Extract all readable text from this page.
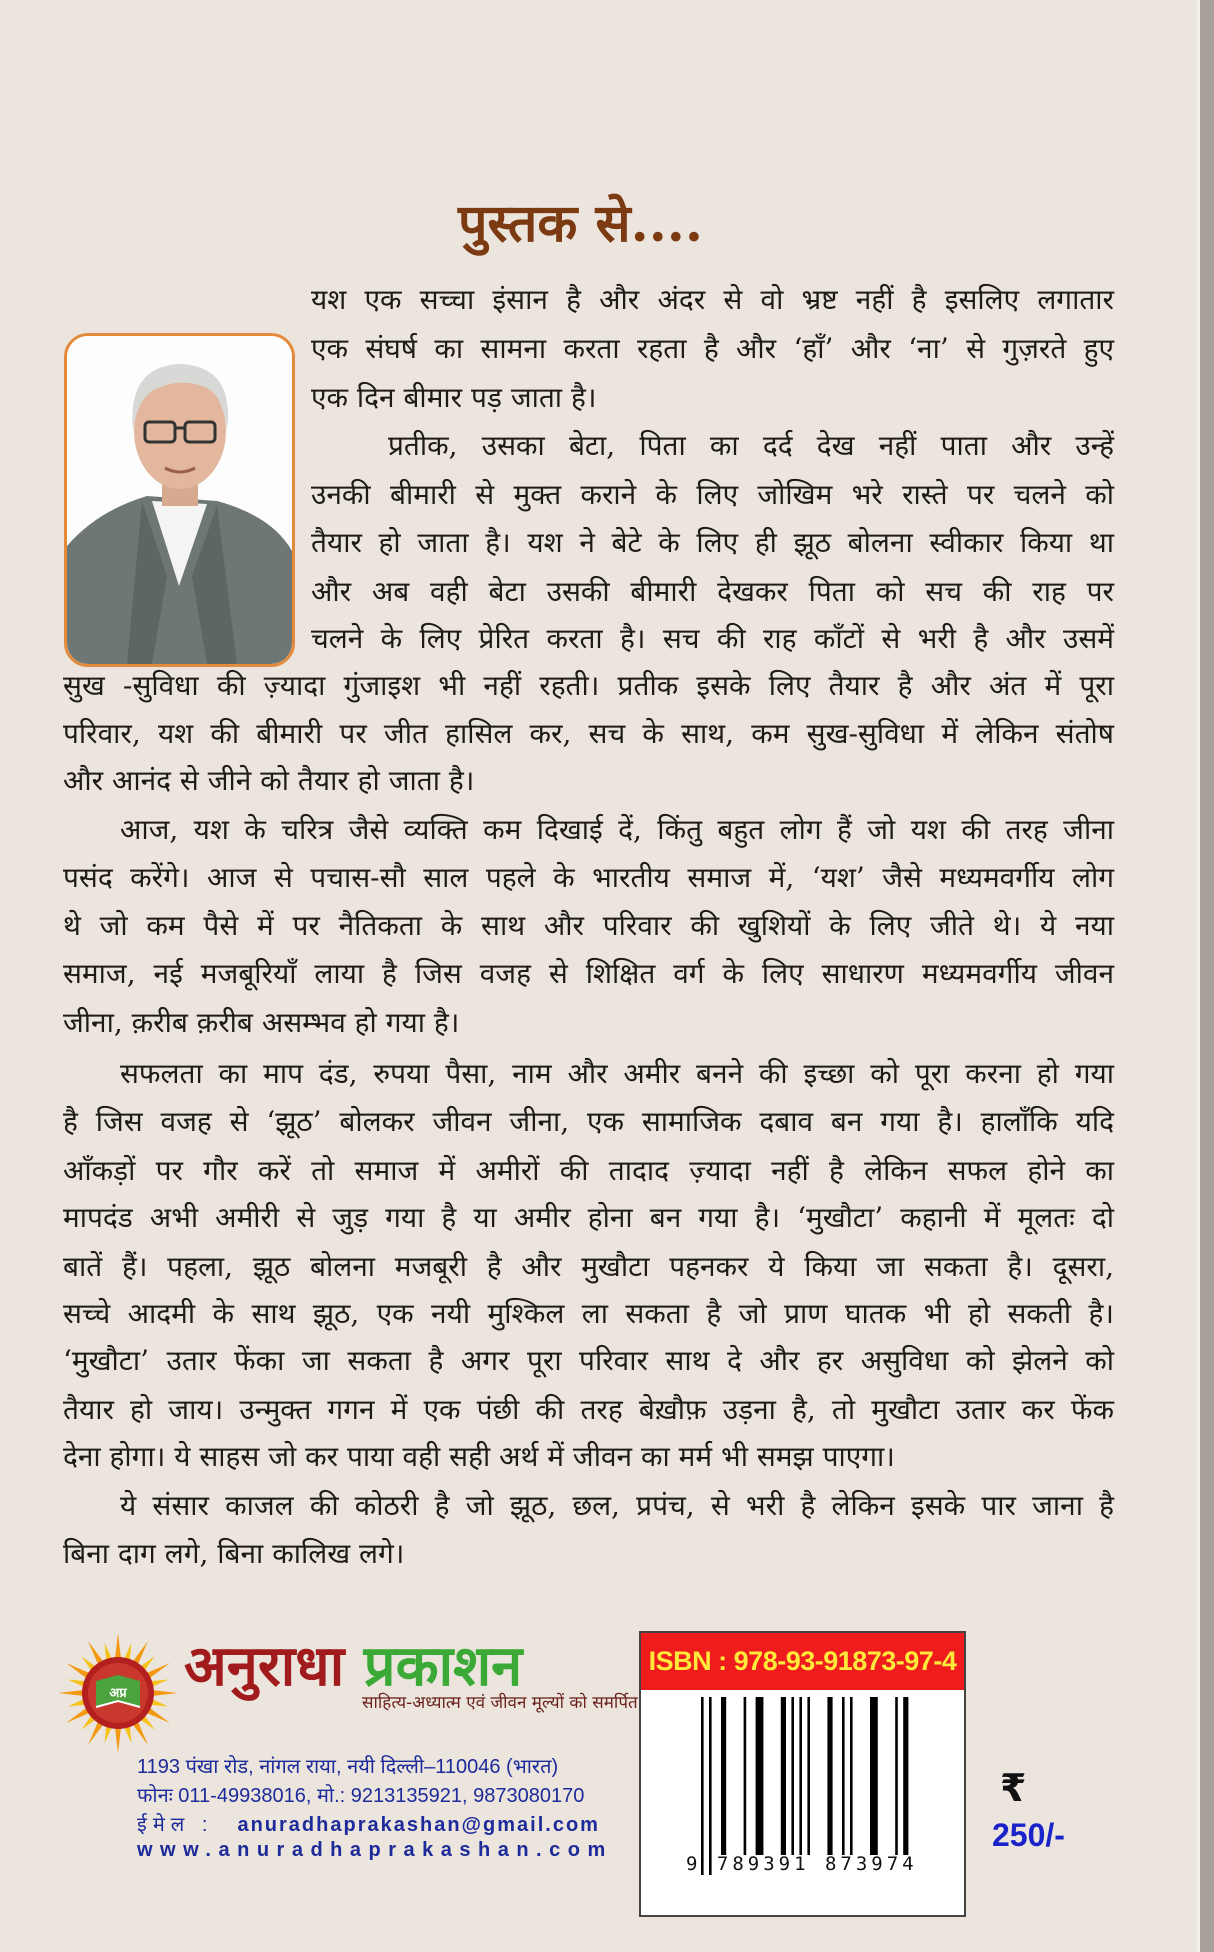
पुस्तक से....
यश एक सच्चा इंसान है और अंदर से वो भ्रष्ट नहीं है इसलिए लगातार
एक संघर्ष का सामना करता रहता है और ‘हाँ’ और ‘ना’ से गुज़रते हुए
एक दिन बीमार पड़ जाता है।
प्रतीक, उसका बेटा, पिता का दर्द देख नहीं पाता और उन्हें
उनकी बीमारी से मुक्त कराने के लिए जोखिम भरे रास्ते पर चलने को
तैयार हो जाता है। यश ने बेटे के लिए ही झूठ बोलना स्वीकार किया था
और अब वही बेटा उसकी बीमारी देखकर पिता को सच की राह पर
चलने के लिए प्रेरित करता है। सच की राह काँटों से भरी है और उसमें
सुख -सुविधा की ज़्यादा गुंजाइश भी नहीं रहती। प्रतीक इसके लिए तैयार है और अंत में पूरा
परिवार, यश की बीमारी पर जीत हासिल कर, सच के साथ, कम सुख-सुविधा में लेकिन संतोष
और आनंद से जीने को तैयार हो जाता है।
आज, यश के चरित्र जैसे व्यक्ति कम दिखाई दें, किंतु बहुत लोग हैं जो यश की तरह जीना
पसंद करेंगे। आज से पचास-सौ साल पहले के भारतीय समाज में, ‘यश’ जैसे मध्यमवर्गीय लोग
थे जो कम पैसे में पर नैतिकता के साथ और परिवार की खुशियों के लिए जीते थे। ये नया
समाज, नई मजबूरियाँ लाया है जिस वजह से शिक्षित वर्ग के लिए साधारण मध्यमवर्गीय जीवन
जीना, क़रीब क़रीब असम्भव हो गया है।
सफलता का माप दंड, रुपया पैसा, नाम और अमीर बनने की इच्छा को पूरा करना हो गया
है जिस वजह से ‘झूठ’ बोलकर जीवन जीना, एक सामाजिक दबाव बन गया है। हालाँकि यदि
आँकड़ों पर गौर करें तो समाज में अमीरों की तादाद ज़्यादा नहीं है लेकिन सफल होने का
मापदंड अभी अमीरी से जुड़ गया है या अमीर होना बन गया है। ‘मुखौटा’ कहानी में मूलतः दो
बातें हैं। पहला, झूठ बोलना मजबूरी है और मुखौटा पहनकर ये किया जा सकता है। दूसरा,
सच्चे आदमी के साथ झूठ, एक नयी मुश्किल ला सकता है जो प्राण घातक भी हो सकती है।
‘मुखौटा’ उतार फेंका जा सकता है अगर पूरा परिवार साथ दे और हर असुविधा को झेलने को
तैयार हो जाय। उन्मुक्त गगन में एक पंछी की तरह बेख़ौफ़ उड़ना है, तो मुखौटा उतार कर फेंक
देना होगा। ये साहस जो कर पाया वही सही अर्थ में जीवन का मर्म भी समझ पाएगा।
ये संसार काजल की कोठरी है जो झूठ, छल, प्रपंच, से भरी है लेकिन इसके पार जाना है
बिना दाग लगे, बिना कालिख लगे।
अप्र अनुराधा प्रकाशन
साहित्य-अध्यात्म एवं जीवन मूल्यों को समर्पित
1193 पंखा रोड, नांगल राया, नयी दिल्ली–110046 (भारत)
फोनः 011-49938016, मो.: 9213135921, 9873080170
ईमेल : anuradhaprakashan@gmail.com
www.anuradhaprakashan.com
ISBN : 978-93-91873-97-4
9 789391 873974
₹
250/-
